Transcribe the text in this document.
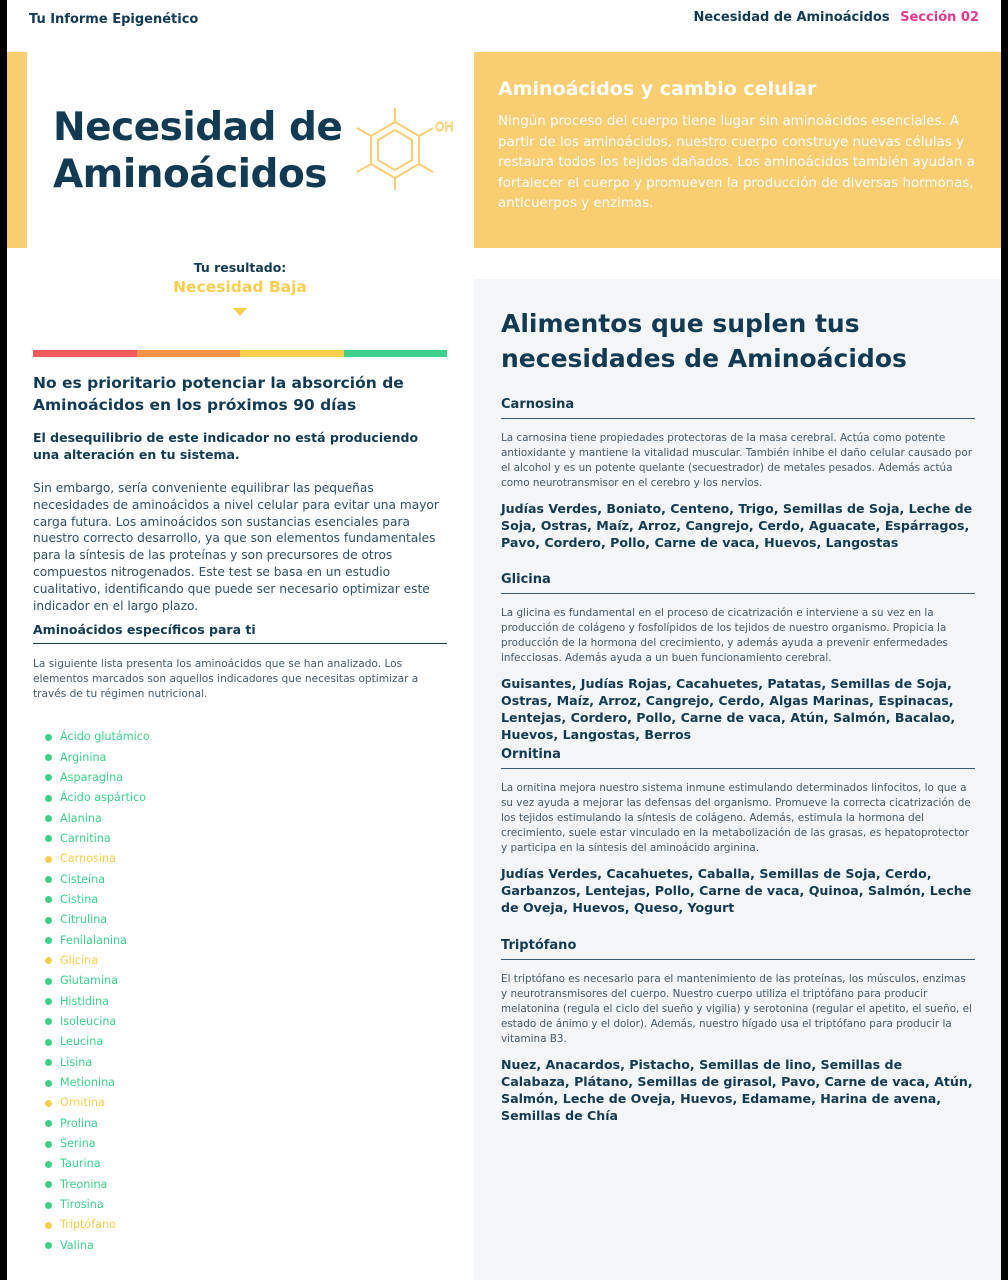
Tu Informe Epigenético	Necesidad de Aminoácidos Sección 02
Necesidad de
Aminoácidos
OH
Aminoácidos y cambio celular

Ningún proceso del cuerpo tiene lugar sin aminoácidos esenciales. A partir de los aminoácidos, nuestro cuerpo construye nuevas células y restaura todos los tejidos dañados. Los aminoácidos también ayudan a fortalecer el cuerpo y promueven la producción de diversas hormonas, anticuerpos y enzimas.

Tu resultado:
Necesidad Baja
No es prioritario potenciar la absorción de Aminoácidos en los próximos 90 días
El desequilibrio de este indicador no está produciendo una alteración en tu sistema.
Sin embargo, sería conveniente equilibrar las pequeñas necesidades de aminoácidos a nivel celular para evitar una mayor carga futura. Los aminoácidos son sustancias esenciales para nuestro correcto desarrollo, ya que son elementos fundamentales para la síntesis de las proteínas y son precursores de otros compuestos nitrogenados. Este test se basa en un estudio cualitativo, identificando que puede ser necesario optimizar este indicador en el largo plazo.
Aminoácidos específicos para ti
La siguiente lista presenta los aminoácidos que se han analizado. Los elementos marcados son aquellos indicadores que necesitas optimizar a través de tu régimen nutricional.
Ácido glutámico
Arginina
Asparagina
Ácido aspártico
Alanina
Carnitina
Carnosina
Cisteína
Cistina
Citrulina
Fenilalanina
Glicina
Glutamina
Histidina
Isoleucina
Leucina
Lisina
Metionina
Ornitina
Prolina
Serina
Taurina
Treonina
Tirosina
Triptófano
Valina
Alimentos que suplen tus necesidades de Aminoácidos
Carnosina
La carnosina tiene propiedades protectoras de la masa cerebral. Actúa como potente antioxidante y mantiene la vitalidad muscular. También inhibe el daño celular causado por el alcohol y es un potente quelante (secuestrador) de metales pesados. Además actúa como neurotransmisor en el cerebro y los nervios.
Judías Verdes, Boniato, Centeno, Trigo, Semillas de Soja, Leche de Soja, Ostras, Maíz, Arroz, Cangrejo, Cerdo, Aguacate, Espárragos, Pavo, Cordero, Pollo, Carne de vaca, Huevos, Langostas
Glicina
La glicina es fundamental en el proceso de cicatrización e interviene a su vez en la producción de colágeno y fosfolípidos de los tejidos de nuestro organismo. Propicia la producción de la hormona del crecimiento, y además ayuda a prevenir enfermedades infecciosas. Además ayuda a un buen funcionamiento cerebral.
Guisantes, Judías Rojas, Cacahuetes, Patatas, Semillas de Soja, Ostras, Maíz, Arroz, Cangrejo, Cerdo, Algas Marinas, Espinacas, Lentejas, Cordero, Pollo, Carne de vaca, Atún, Salmón, Bacalao, Huevos, Langostas, Berros
Ornitina
La ornitina mejora nuestro sistema inmune estimulando determinados linfocitos, lo que a su vez ayuda a mejorar las defensas del organismo. Promueve la correcta cicatrización de los tejidos estimulando la síntesis de colágeno. Además, estimula la hormona del crecimiento, suele estar vinculado en la metabolización de las grasas, es hepatoprotector y participa en la síntesis del aminoácido arginina.
Judías Verdes, Cacahuetes, Caballa, Semillas de Soja, Cerdo, Garbanzos, Lentejas, Pollo, Carne de vaca, Quinoa, Salmón, Leche de Oveja, Huevos, Queso, Yogurt
Triptófano
El triptófano es necesario para el mantenimiento de las proteínas, los músculos, enzimas y neurotransmisores del cuerpo. Nuestro cuerpo utiliza el triptófano para producir melatonina (regula el ciclo del sueño y vigilia) y serotonina (regular el apetito, el sueño, el estado de ánimo y el dolor). Además, nuestro hígado usa el triptófano para producir la vitamina B3.
Nuez, Anacardos, Pistacho, Semillas de lino, Semillas de Calabaza, Plátano, Semillas de girasol, Pavo, Carne de vaca, Atún, Salmón, Leche de Oveja, Huevos, Edamame, Harina de avena, Semillas de Chía
